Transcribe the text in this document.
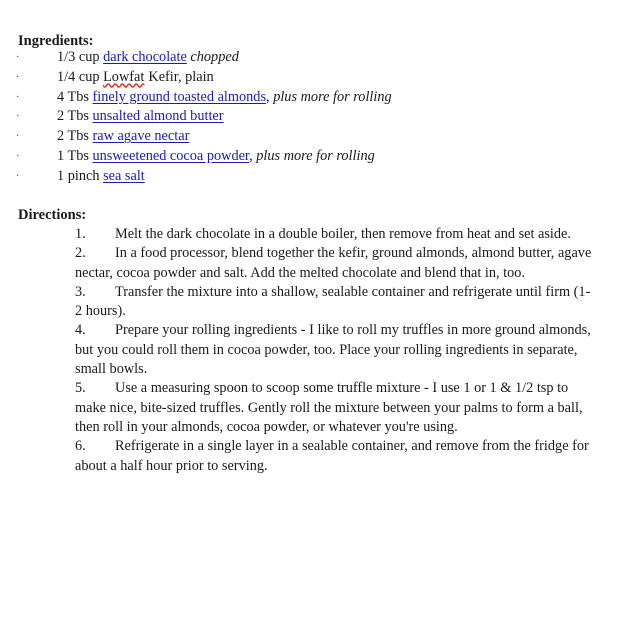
Ingredients:
·	1/3 cup dark chocolate chopped
·	1/4 cup Lowfat Kefir, plain
·	4 Tbs finely ground toasted almonds, plus more for rolling
·	2 Tbs unsalted almond butter
·	2 Tbs raw agave nectar
·	1 Tbs unsweetened cocoa powder, plus more for rolling
·	1 pinch sea salt
Directions:
1. Melt the dark chocolate in a double boiler, then remove from heat and set aside.
2. In a food processor, blend together the kefir, ground almonds, almond butter, agave nectar, cocoa powder and salt. Add the melted chocolate and blend that in, too.
3. Transfer the mixture into a shallow, sealable container and refrigerate until firm (1-2 hours).
4. Prepare your rolling ingredients - I like to roll my truffles in more ground almonds, but you could roll them in cocoa powder, too. Place your rolling ingredients in separate, small bowls.
5. Use a measuring spoon to scoop some truffle mixture - I use 1 or 1 & 1/2 tsp to make nice, bite-sized truffles. Gently roll the mixture between your palms to form a ball, then roll in your almonds, cocoa powder, or whatever you're using.
6. Refrigerate in a single layer in a sealable container, and remove from the fridge for about a half hour prior to serving.
